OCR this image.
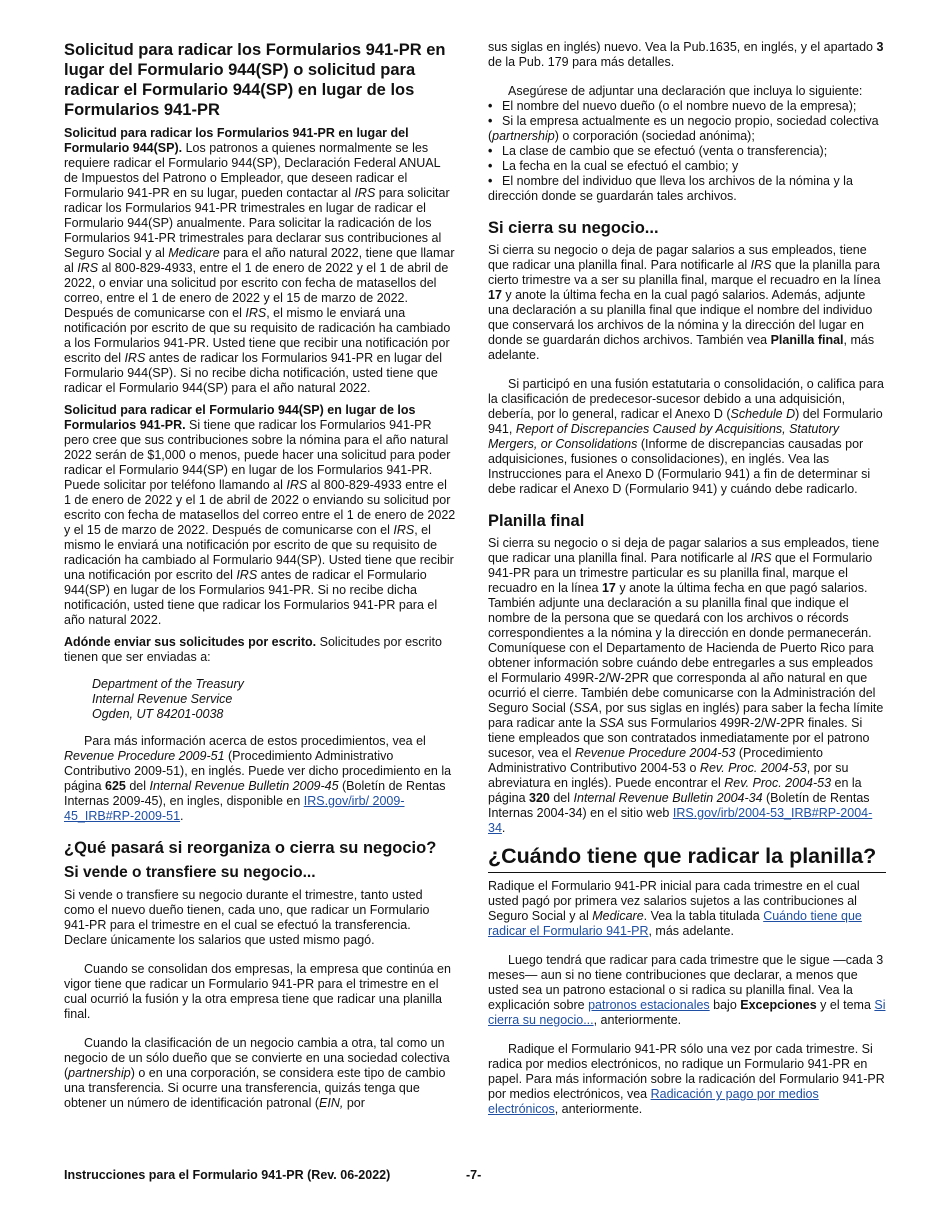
Solicitud para radicar los Formularios 941-PR en lugar del Formulario 944(SP) o solicitud para radicar el Formulario 944(SP) en lugar de los Formularios 941-PR

Solicitud para radicar los Formularios 941-PR en lugar del Formulario 944(SP). Los patronos a quienes normalmente se les requiere radicar el Formulario 944(SP), Declaración Federal ANUAL de Impuestos del Patrono o Empleador, que deseen radicar el Formulario 941-PR en su lugar, pueden contactar al IRS para solicitar radicar los Formularios 941-PR trimestrales en lugar de radicar el Formulario 944(SP) anualmente. Para solicitar la radicación de los Formularios 941-PR trimestrales para declarar sus contribuciones al Seguro Social y al Medicare para el año natural 2022, tiene que llamar al IRS al 800-829-4933, entre el 1 de enero de 2022 y el 1 de abril de 2022, o enviar una solicitud por escrito con fecha de matasellos del correo, entre el 1 de enero de 2022 y el 15 de marzo de 2022. Después de comunicarse con el IRS, el mismo le enviará una notificación por escrito de que su requisito de radicación ha cambiado a los Formularios 941-PR. Usted tiene que recibir una notificación por escrito del IRS antes de radicar los Formularios 941-PR en lugar del Formulario 944(SP). Si no recibe dicha notificación, usted tiene que radicar el Formulario 944(SP) para el año natural 2022.

Solicitud para radicar el Formulario 944(SP) en lugar de los Formularios 941-PR. Si tiene que radicar los Formularios 941-PR pero cree que sus contribuciones sobre la nómina para el año natural 2022 serán de $1,000 o menos, puede hacer una solicitud para poder radicar el Formulario 944(SP) en lugar de los Formularios 941-PR. Puede solicitar por teléfono llamando al IRS al 800-829-4933 entre el 1 de enero de 2022 y el 1 de abril de 2022 o enviando su solicitud por escrito con fecha de matasellos del correo entre el 1 de enero de 2022 y el 15 de marzo de 2022. Después de comunicarse con el IRS, el mismo le enviará una notificación por escrito de que su requisito de radicación ha cambiado al Formulario 944(SP). Usted tiene que recibir una notificación por escrito del IRS antes de radicar el Formulario 944(SP) en lugar de los Formularios 941-PR. Si no recibe dicha notificación, usted tiene que radicar los Formularios 941-PR para el año natural 2022.

Adónde enviar sus solicitudes por escrito. Solicitudes por escrito tienen que ser enviadas a:

Department of the Treasury
Internal Revenue Service
Ogden, UT 84201-0038

Para más información acerca de estos procedimientos, vea el Revenue Procedure 2009-51 (Procedimiento Administrativo Contributivo 2009-51), en inglés. Puede ver dicho procedimiento en la página 625 del Internal Revenue Bulletin 2009-45 (Boletín de Rentas Internas 2009-45), en ingles, disponible en IRS.gov/irb/ 2009-45_IRB#RP-2009-51.

¿Qué pasará si reorganiza o cierra su negocio?
Si vende o transfiere su negocio...

Si vende o transfiere su negocio durante el trimestre, tanto usted como el nuevo dueño tienen, cada uno, que radicar un Formulario 941-PR para el trimestre en el cual se efectuó la transferencia. Declare únicamente los salarios que usted mismo pagó.

Cuando se consolidan dos empresas, la empresa que continúa en vigor tiene que radicar un Formulario 941-PR para el trimestre en el cual ocurrió la fusión y la otra empresa tiene que radicar una planilla final.

Cuando la clasificación de un negocio cambia a otra, tal como un negocio de un sólo dueño que se convierte en una sociedad colectiva (partnership) o en una corporación, se considera este tipo de cambio una transferencia. Si ocurre una transferencia, quizás tenga que obtener un número de identificación patronal (EIN, por

sus siglas en inglés) nuevo. Vea la Pub.1635, en inglés, y el apartado 3 de la Pub. 179 para más detalles.

Asegúrese de adjuntar una declaración que incluya lo siguiente:

• El nombre del nuevo dueño (o el nombre nuevo de la empresa);
• Si la empresa actualmente es un negocio propio, sociedad colectiva (partnership) o corporación (sociedad anónima);
• La clase de cambio que se efectuó (venta o transferencia);
• La fecha en la cual se efectuó el cambio; y
• El nombre del individuo que lleva los archivos de la nómina y la dirección donde se guardarán tales archivos.
Si cierra su negocio...

Si cierra su negocio o deja de pagar salarios a sus empleados, tiene que radicar una planilla final. Para notificarle al IRS que la planilla para cierto trimestre va a ser su planilla final, marque el recuadro en la línea 17 y anote la última fecha en la cual pagó salarios. Además, adjunte una declaración a su planilla final que indique el nombre del individuo que conservará los archivos de la nómina y la dirección del lugar en donde se guardarán dichos archivos. También vea Planilla final, más adelante.

Si participó en una fusión estatutaria o consolidación, o califica para la clasificación de predecesor-sucesor debido a una adquisición, debería, por lo general, radicar el Anexo D (Schedule D) del Formulario 941, Report of Discrepancies Caused by Acquisitions, Statutory Mergers, or Consolidations (Informe de discrepancias causadas por adquisiciones, fusiones o consolidaciones), en inglés. Vea las Instrucciones para el Anexo D (Formulario 941) a fin de determinar si debe radicar el Anexo D (Formulario 941) y cuándo debe radicarlo.

Planilla final

Si cierra su negocio o si deja de pagar salarios a sus empleados, tiene que radicar una planilla final. Para notificarle al IRS que el Formulario 941-PR para un trimestre particular es su planilla final, marque el recuadro en la línea 17 y anote la última fecha en que pagó salarios. También adjunte una declaración a su planilla final que indique el nombre de la persona que se quedará con los archivos o récords correspondientes a la nómina y la dirección en donde permanecerán. Comuníquese con el Departamento de Hacienda de Puerto Rico para obtener información sobre cuándo debe entregarles a sus empleados el Formulario 499R-2/W-2PR que corresponda al año natural en que ocurrió el cierre. También debe comunicarse con la Administración del Seguro Social (SSA, por sus siglas en inglés) para saber la fecha límite para radicar ante la SSA sus Formularios 499R-2/W-2PR finales. Si tiene empleados que son contratados inmediatamente por el patrono sucesor, vea el Revenue Procedure 2004-53 (Procedimiento Administrativo Contributivo 2004-53 o Rev. Proc. 2004-53, por su abreviatura en inglés). Puede encontrar el Rev. Proc. 2004-53 en la página 320 del Internal Revenue Bulletin 2004-34 (Boletín de Rentas Internas 2004-34) en el sitio web IRS.gov/irb/2004-53_IRB#RP-2004-34.

¿Cuándo tiene que radicar la planilla?

Radique el Formulario 941-PR inicial para cada trimestre en el cual usted pagó por primera vez salarios sujetos a las contribuciones al Seguro Social y al Medicare. Vea la tabla titulada Cuándo tiene que radicar el Formulario 941-PR, más adelante.

Luego tendrá que radicar para cada trimestre que le sigue —cada 3 meses— aun si no tiene contribuciones que declarar, a menos que usted sea un patrono estacional o si radica su planilla final. Vea la explicación sobre patronos estacionales bajo Excepciones y el tema Si cierra su negocio..., anteriormente.

Radique el Formulario 941-PR sólo una vez por cada trimestre. Si radica por medios electrónicos, no radique un Formulario 941-PR en papel. Para más información sobre la radicación del Formulario 941-PR por medios electrónicos, vea Radicación y pago por medios electrónicos, anteriormente.

Instrucciones para el Formulario 941-PR (Rev. 06-2022)	-7-
